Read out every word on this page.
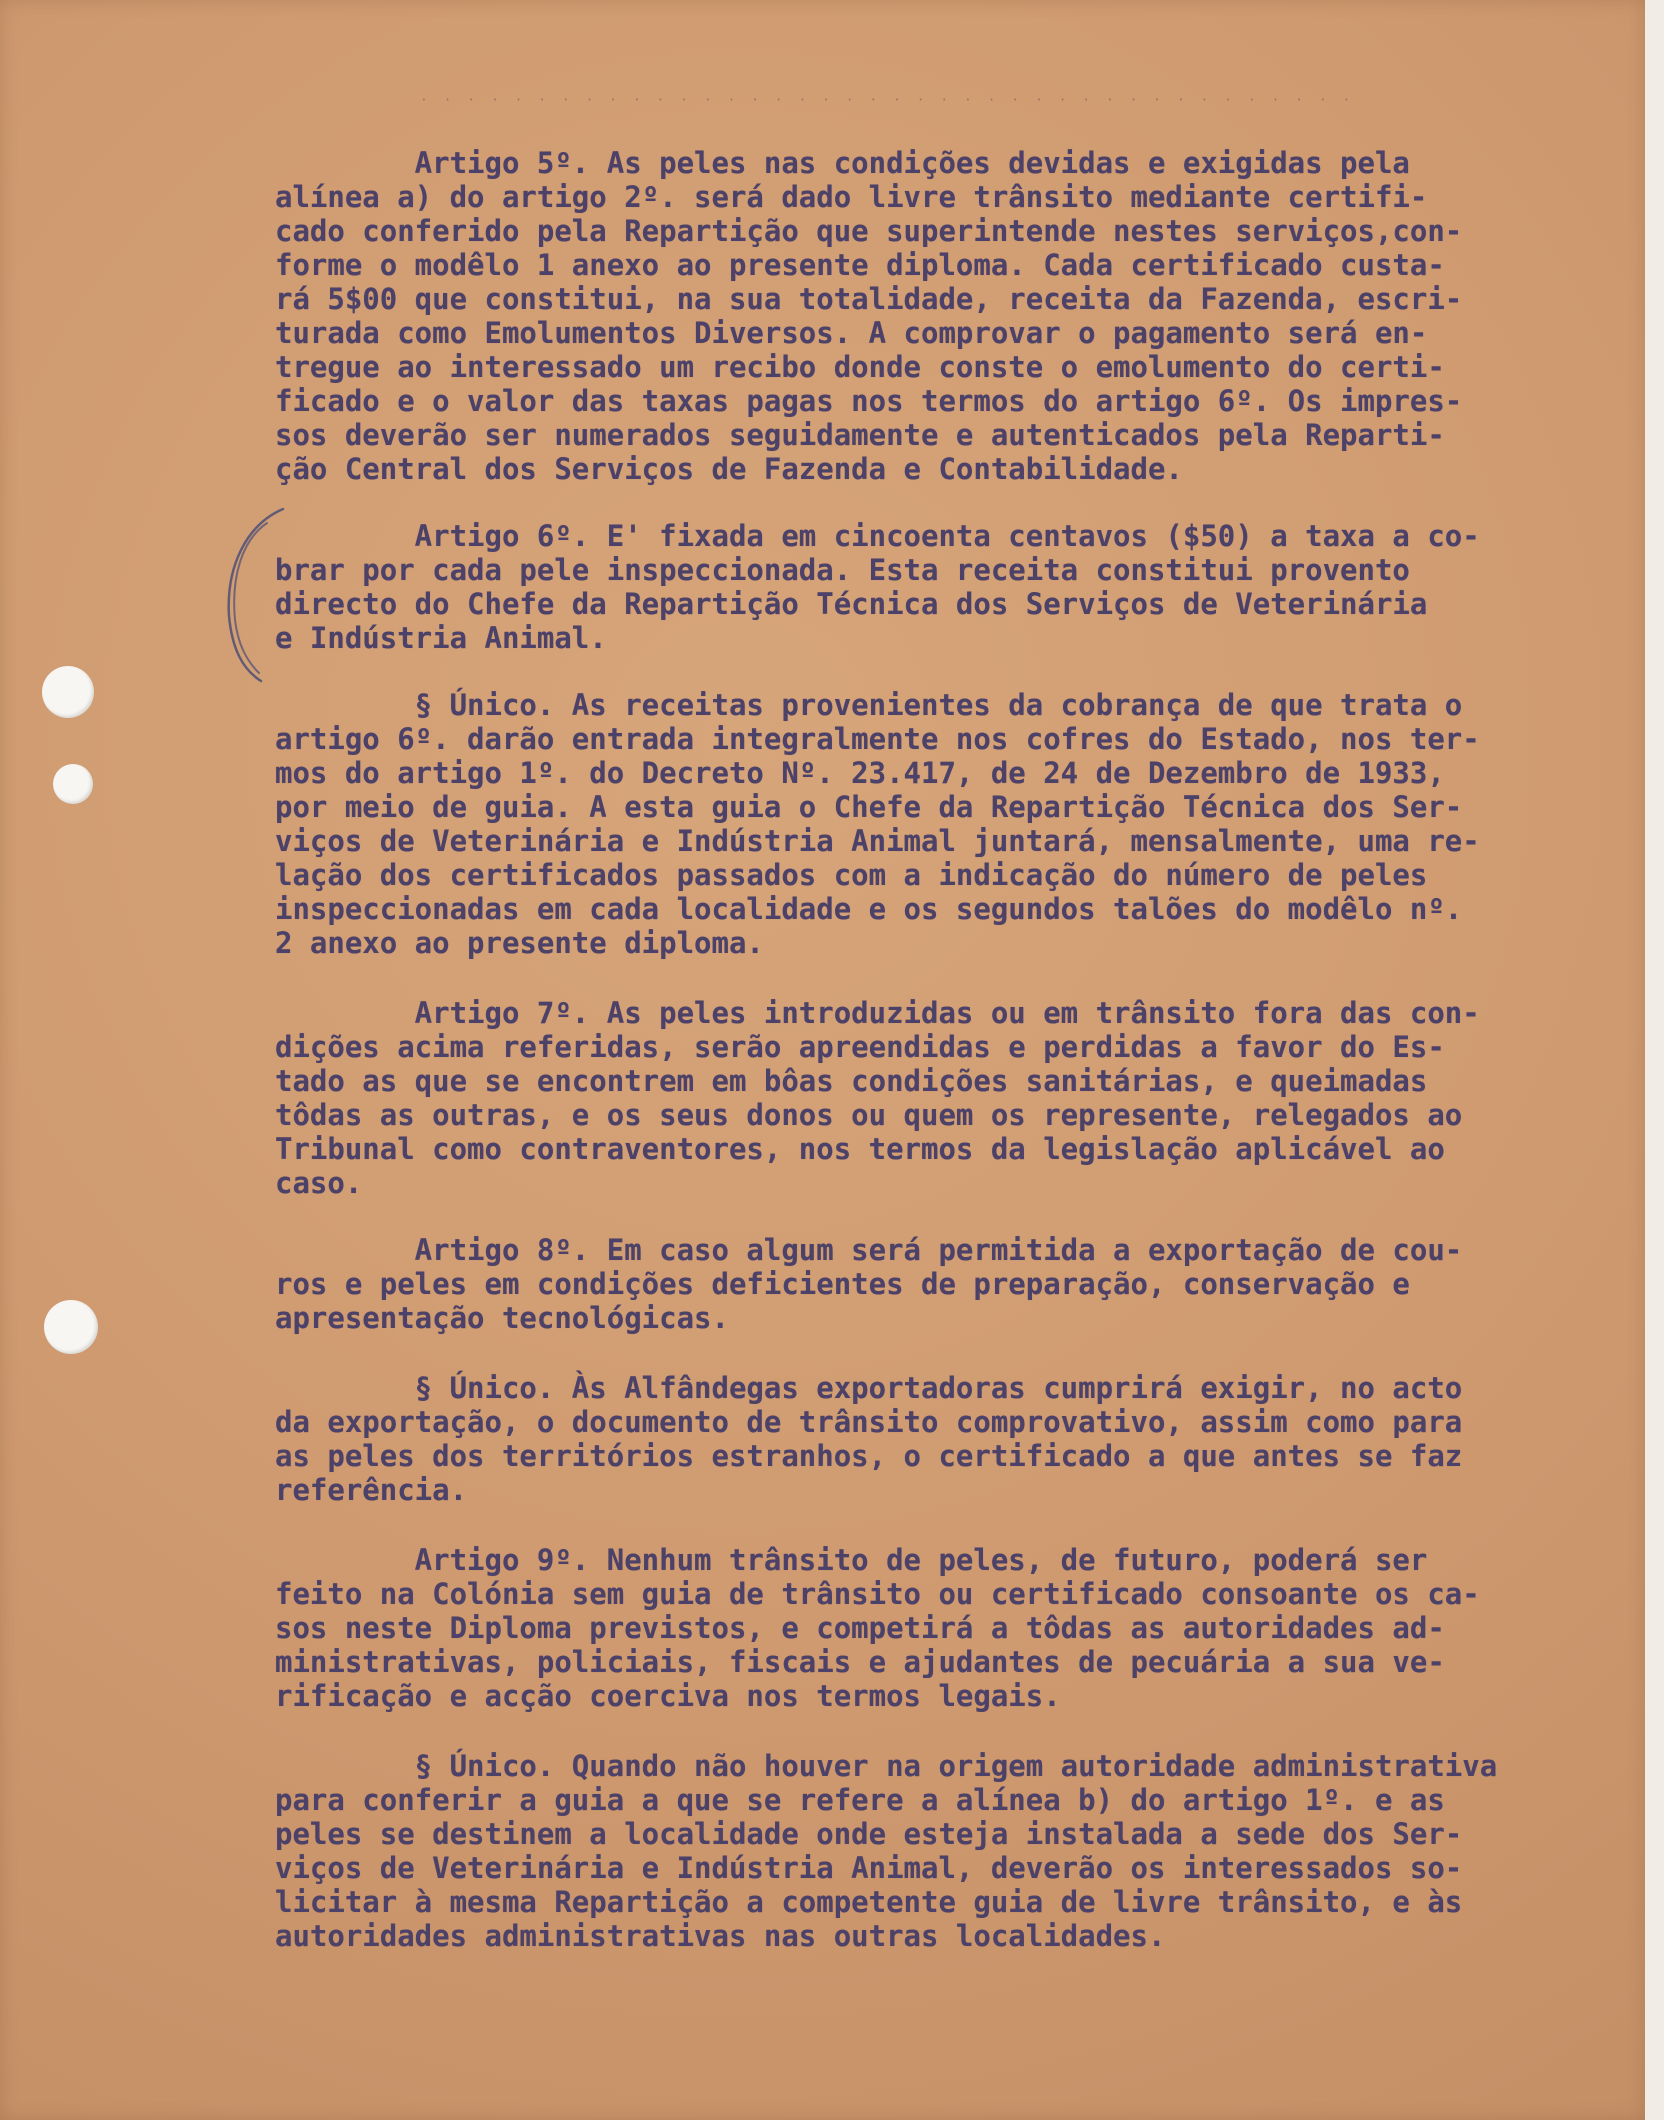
· · · · · · · · · · · · · · · · · · · · · · · · · · · · · · · · · · · · · · · ·
Artigo 5º. As peles nas condições devidas e exigidas pela
alínea a) do artigo 2º. será dado livre trânsito mediante certifi-
cado conferido pela Repartição que superintende nestes serviços,con-
forme o modêlo 1 anexo ao presente diploma. Cada certificado custa-
rá 5$00 que constitui, na sua totalidade, receita da Fazenda, escri-
turada como Emolumentos Diversos. A comprovar o pagamento será en-
tregue ao interessado um recibo donde conste o emolumento do certi-
ficado e o valor das taxas pagas nos termos do artigo 6º. Os impres-
sos deverão ser numerados seguidamente e autenticados pela Reparti-
ção Central dos Serviços de Fazenda e Contabilidade.
Artigo 6º. E' fixada em cincoenta centavos ($50) a taxa a co-
brar por cada pele inspeccionada. Esta receita constitui provento
directo do Chefe da Repartição Técnica dos Serviços de Veterinária
e Indústria Animal.
§ Único. As receitas provenientes da cobrança de que trata o
artigo 6º. darão entrada integralmente nos cofres do Estado, nos ter-
mos do artigo 1º. do Decreto Nº. 23.417, de 24 de Dezembro de 1933,
por meio de guia. A esta guia o Chefe da Repartição Técnica dos Ser-
viços de Veterinária e Indústria Animal juntará, mensalmente, uma re-
lação dos certificados passados com a indicação do número de peles
inspeccionadas em cada localidade e os segundos talões do modêlo nº.
2 anexo ao presente diploma.
Artigo 7º. As peles introduzidas ou em trânsito fora das con-
dições acima referidas, serão apreendidas e perdidas a favor do Es-
tado as que se encontrem em bôas condições sanitárias, e queimadas
tôdas as outras, e os seus donos ou quem os represente, relegados ao
Tribunal como contraventores, nos termos da legislação aplicável ao
caso.
Artigo 8º. Em caso algum será permitida a exportação de cou-
ros e peles em condições deficientes de preparação, conservação e
apresentação tecnológicas.
§ Único. Às Alfândegas exportadoras cumprirá exigir, no acto
da exportação, o documento de trânsito comprovativo, assim como para
as peles dos territórios estranhos, o certificado a que antes se faz
referência.
Artigo 9º. Nenhum trânsito de peles, de futuro, poderá ser
feito na Colónia sem guia de trânsito ou certificado consoante os ca-
sos neste Diploma previstos, e competirá a tôdas as autoridades ad-
ministrativas, policiais, fiscais e ajudantes de pecuária a sua ve-
rificação e acção coerciva nos termos legais.
§ Único. Quando não houver na origem autoridade administrativa
para conferir a guia a que se refere a alínea b) do artigo 1º. e as
peles se destinem a localidade onde esteja instalada a sede dos Ser-
viços de Veterinária e Indústria Animal, deverão os interessados so-
licitar à mesma Repartição a competente guia de livre trânsito, e às
autoridades administrativas nas outras localidades.
